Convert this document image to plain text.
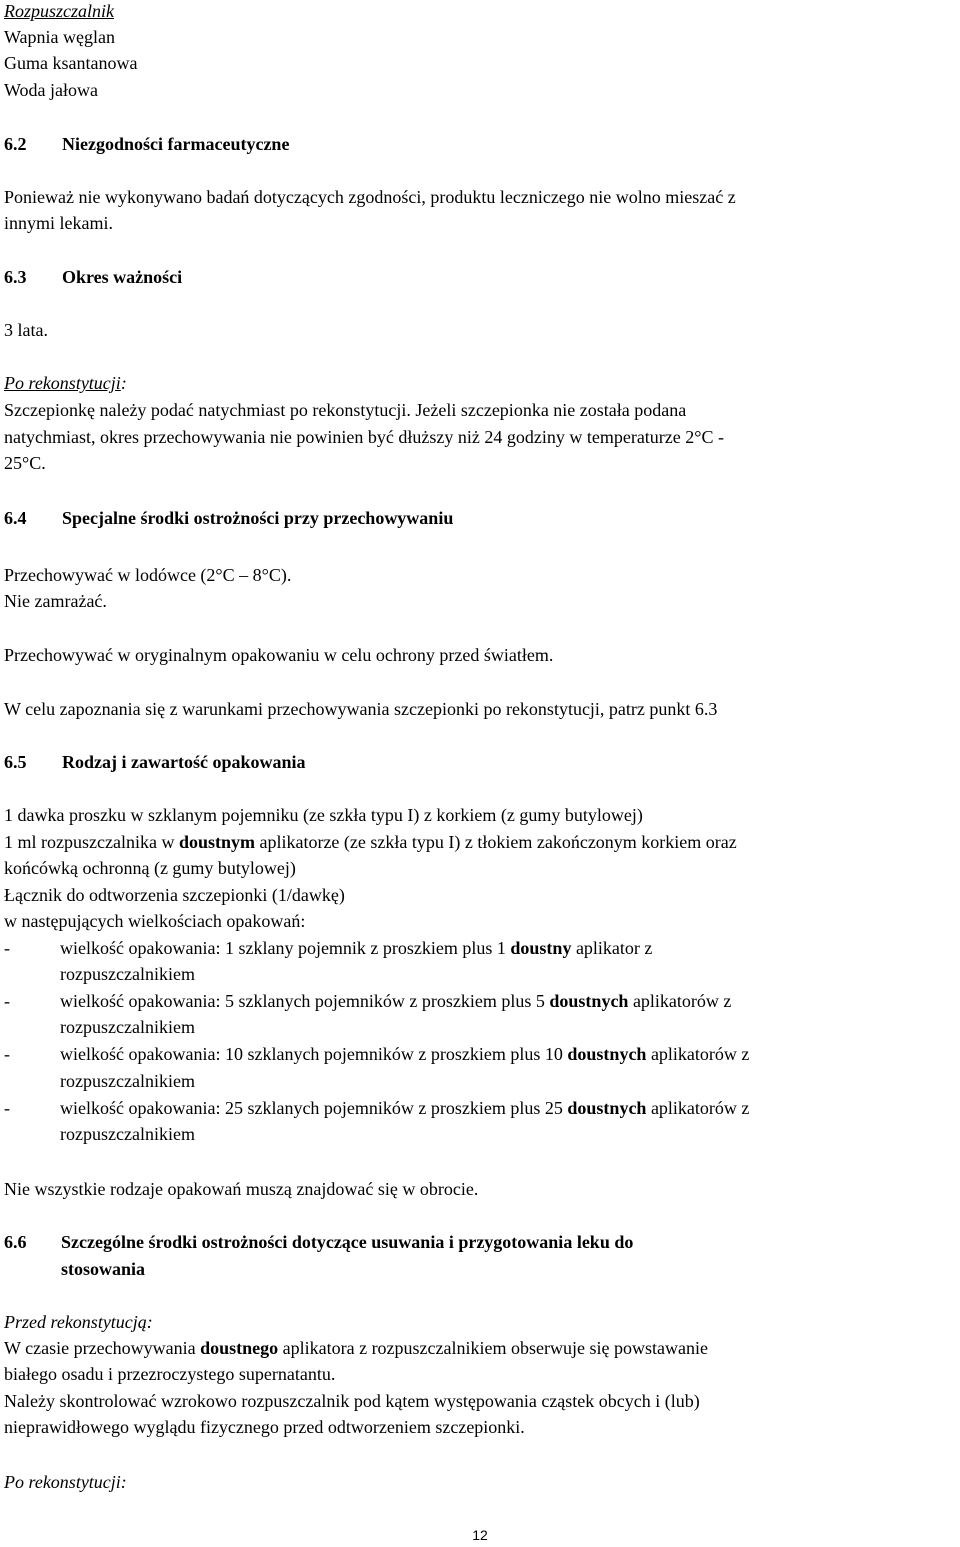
Rozpuszczalnik
Wapnia węglan
Guma ksantanowa
Woda jałowa
6.2 Niezgodności farmaceutyczne
Ponieważ nie wykonywano badań dotyczących zgodności, produktu leczniczego nie wolno mieszać z
innymi lekami.
6.3 Okres ważności
3 lata.
Po rekonstytucji:
Szczepionkę należy podać natychmiast po rekonstytucji. Jeżeli szczepionka nie została podana
natychmiast, okres przechowywania nie powinien być dłuższy niż 24 godziny w temperaturze 2°C -
25°C.
6.4 Specjalne środki ostrożności przy przechowywaniu
Przechowywać w lodówce (2°C – 8°C).
Nie zamrażać.
Przechowywać w oryginalnym opakowaniu w celu ochrony przed światłem.
W celu zapoznania się z warunkami przechowywania szczepionki po rekonstytucji, patrz punkt 6.3
6.5 Rodzaj i zawartość opakowania
1 dawka proszku w szklanym pojemniku (ze szkła typu I) z korkiem (z gumy butylowej)
1 ml rozpuszczalnika w doustnym aplikatorze (ze szkła typu I) z tłokiem zakończonym korkiem oraz
końcówką ochronną (z gumy butylowej)
Łącznik do odtworzenia szczepionki (1/dawkę)
w następujących wielkościach opakowań:
-	wielkość opakowania: 1 szklany pojemnik z proszkiem plus 1 doustny aplikator z
rozpuszczalnikiem
-	wielkość opakowania: 5 szklanych pojemników z proszkiem plus 5 doustnych aplikatorów z
rozpuszczalnikiem
-	wielkość opakowania: 10 szklanych pojemników z proszkiem plus 10 doustnych aplikatorów z
rozpuszczalnikiem
-	wielkość opakowania: 25 szklanych pojemników z proszkiem plus 25 doustnych aplikatorów z
rozpuszczalnikiem
Nie wszystkie rodzaje opakowań muszą znajdować się w obrocie.
6.6 Szczególne środki ostrożności dotyczące usuwania i przygotowania leku do
stosowania
Przed rekonstytucją:
W czasie przechowywania doustnego aplikatora z rozpuszczalnikiem obserwuje się powstawanie
białego osadu i przezroczystego supernatantu.
Należy skontrolować wzrokowo rozpuszczalnik pod kątem występowania cząstek obcych i (lub)
nieprawidłowego wyglądu fizycznego przed odtworzeniem szczepionki.
Po rekonstytucji:
12
